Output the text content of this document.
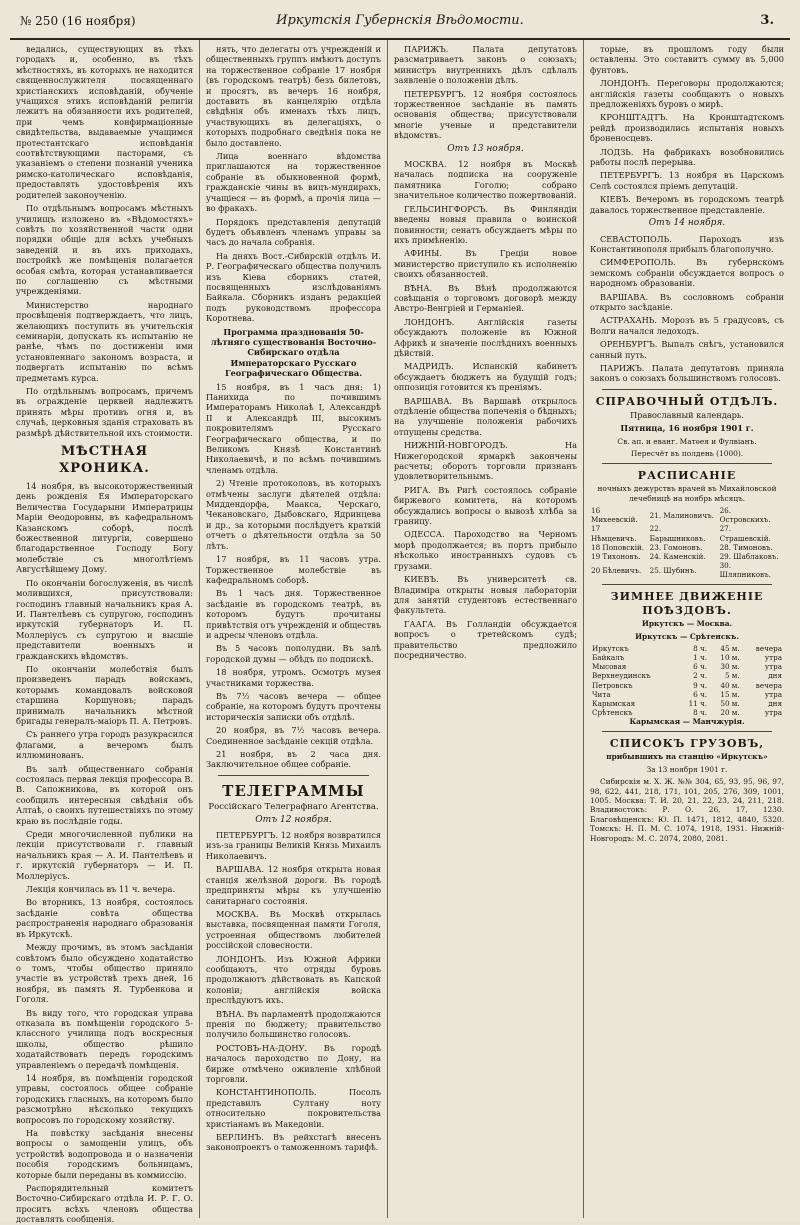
№ 250 (16 ноября)	Иркутскія Губернскія Вѣдомости.	3.

ведались, существующих въ тѣхъ городахъ и, особенно, въ тѣхъ мѣстностяхъ, въ которыхъ не находится священнослужителя посвященнаго христіанскихъ исповѣданій, обученіе учащихся этихъ исповѣданій религіи лежитъ на обязанности ихъ родителей, при чемъ конфирмаціонные свидѣтельства, выдаваемые учащимся протестантскаго исповѣданія соотвѣтствующими пасторами, съ указаніемъ о степени познаній ученика римско-католическаго исповѣданія, предоставлять удостовѣренія ихъ родителей законоученію.

По отдѣльнымъ вопросамъ мѣстныхъ училищъ изложено въ «Вѣдомостяхъ» совѣтъ по хозяйственной части одни порядки общіе для всѣхъ учебныхъ заведеній и въ ихъ приходахъ, постройкѣ же помѣщенія полагается особая смѣта, которая устанавливается по соглашенію съ мѣстными учрежденіями.

Министерство народнаго просвѣщенія подтверждаетъ, что лицъ, желающихъ поступить въ учительскія семинаріи, допускать къ испытанію не ранѣе, чѣмъ по достиженіи ими установленнаго закономъ возраста, и подвергать испытанію по всѣмъ предметамъ курса.

По отдѣльнымъ вопросамъ, причемъ въ огражденіе церквей надлежитъ принять мѣры противъ огня и, въ случаѣ, церковныя зданія страховать въ размѣрѣ дѣйствительной ихъ стоимости.

МѢСТНАЯ ХРОНИКА.

14 ноября, въ высокоторжественный день рожденія Ея Императорскаго Величества Государыни Императрицы Маріи Ѳеодоровны, въ кафедральномъ Казанскомъ соборѣ, послѣ божественной литургіи, совершено благодарственное Господу Богу молебствіе съ многолѣтіемъ Августѣйшему Дому.

По окончаніи богослуженія, въ числѣ молившихся, присутствовали: господинъ главный начальникъ края А. И. Пантелѣевъ съ супругою, господинъ иркутскій губернаторъ И. П. Моллерiусъ съ супругою и высшіе представители военныхъ и гражданскихъ вѣдомствъ.

По окончаніи молебствія былъ произведенъ парадъ войскамъ, которымъ командовалъ войсковой старшина Коршуновъ; парадъ принималъ начальникъ мѣстной бригады генералъ-маіоръ П. А. Петровъ.

Съ раннего утра городъ разукрасился флагами, а вечеромъ былъ иллюминованъ.

Въ залѣ общественнаго собранія состоялась первая лекція профессора В. В. Сапожникова, въ которой онъ сообщилъ интересныя свѣдѣнія объ Алтаѣ, о своихъ путешествіяхъ по этому краю въ послѣдніе годы.

Среди многочисленной публики на лекціи присутствовали г. главный начальникъ края — А. И. Пантелѣевъ и г. иркутскій губернаторъ — И. П. Моллерiусъ.

Лекція кончилась въ 11 ч. вечера.

Во вторникъ, 13 ноября, состоялось засѣданіе совѣта общества распространенія народнаго образованія въ Иркутскѣ.

Между прочимъ, въ этомъ засѣданіи совѣтомъ было обсуждено ходатайство о томъ, чтобы общество приняло участіе въ устройствѣ трехъ дней, 16 ноября, въ память Я. Турбенкова и Гоголя.

Въ виду того, что городская управа отказала въ помѣщеніи городского 5-классного училища подъ воскресныя школы, общество рѣшило ходатайствовать передъ городскимъ управленіемъ о передачѣ помѣщенія.

14 ноября, въ помѣщеніи городской управы, состоялось общее собраніе городскихъ гласныхъ, на которомъ было разсмотрѣно нѣсколько текущихъ вопросовъ по городскому хозяйству.

На повѣстку засѣданія внесены вопросы о замощеніи улицъ, объ устройствѣ водопровода и о назначеніи пособія городскимъ больницамъ, которые были переданы въ коммиссію.

Распорядительный комитетъ Восточно-Сибирскаго отдѣла И. Р. Г. О. проситъ всѣхъ членовъ общества доставлять сообщенія.

нять, что делегаты отъ учрежденій и общественныхъ группъ имѣютъ доступъ на торжественное собраніе 17 ноября (въ городскомъ театрѣ) безъ билетовъ, и просятъ, въ вечеръ 16 ноября, доставить въ канцелярію отдѣла свѣдѣнія объ именахъ тѣхъ лицъ, участвующихъ въ делегаціяхъ, о которыхъ подробнаго сведѣнія пока не было доставлено.

Лица военнаго вѣдомства приглашаются на торжественное собраніе въ обыкновенной формѣ, гражданскіе чины въ вицъ-мундирахъ, учащіеся — въ формѣ, а прочія лица — во фракахъ.

Порядокъ представленія депутацій будетъ объявленъ членамъ управы за часъ до начала собранія.

На дняхъ Вост.-Сибирскій отдѣлъ И. Р. Географическаго общества получилъ изъ Кіева сборникъ статей, посвященныхъ изслѣдованіямъ Байкала. Сборникъ изданъ редакціей подъ руководствомъ профессора Коротнева.

Программа празднованія 50-лѣтняго существованія Восточно-Сибирскаго отдѣла Императорскаго Русскаго Географическаго Общества.

15 ноября, въ 1 часъ дня: 1) Панихида по почившимъ Императорамъ Николаѣ I, Александрѣ II и Александрѣ III, высокимъ покровителямъ Русскаго Географическаго общества, и по Великомъ Князѣ Константинѣ Николаевичѣ, и по всѣмъ почившимъ членамъ отдѣла.

2) Чтеніе протоколовъ, въ которыхъ отмѣчены заслуги дѣятелей отдѣла: Миддендорфа, Маакса, Черскаго, Чекановскаго, Дыбовскаго, Ядринцева и др., за которыми послѣдуетъ краткій отчетъ о дѣятельности отдѣла за 50 лѣтъ.

17 ноября, въ 11 часовъ утра. Торжественное молебствіе въ кафедральномъ соборѣ.

Въ 1 часъ дня. Торжественное засѣданіе въ городскомъ театрѣ, въ которомъ будутъ прочитаны привѣтствія отъ учрежденій и обществъ и адресы членовъ отдѣла.

Въ 5 часовъ пополудни. Въ залѣ городской думы — обѣдъ по подпискѣ.

18 ноября, утромъ. Осмотръ музея участниками торжества.

Въ 7½ часовъ вечера — общее собраніе, на которомъ будутъ прочтены историческія записки объ отдѣлѣ.

20 ноября, въ 7½ часовъ вечера. Соединенное засѣданіе секцій отдѣла.

21 ноября, въ 2 часа дня. Заключительное общее собраніе.

ТЕЛЕГРАММЫ
Россійскаго Телеграфнаго Агентства.
Отъ 12 ноября.

ПЕТЕРБУРГЪ. 12 ноября возвратился изъ-за границы Великій Князь Михаилъ Николаевичъ.

ВАРШАВА. 12 ноября открыта новая станція желѣзной дороги. Въ городѣ предприняты мѣры къ улучшенію санитарнаго состоянія.

МОСКВА. Въ Москвѣ открылась выставка, посвященная памяти Гоголя, устроенная обществомъ любителей россійской словесности.

ЛОНДОНЪ. Изъ Южной Африки сообщаютъ, что отряды буровъ продолжаютъ дѣйствовать въ Капской колоніи; англійскія войска преслѣдуютъ ихъ.

ВѢНА. Въ парламентѣ продолжаются пренія по бюджету; правительство получило большинство голосовъ.

РОСТОВЪ-НА-ДОНУ. Въ городѣ началось пароходство по Дону, на бирже отмѣчено оживленіе хлѣбной торговли.

КОНСТАНТИНОПОЛЬ. Посолъ представилъ Султану ноту относительно покровительства христіанамъ въ Македоніи.

БЕРЛИНЪ. Въ рейхстагѣ внесенъ законопроектъ о таможенномъ тарифѣ.

ПАРИЖЪ. Палата депутатовъ разсматриваетъ законъ о союзахъ; министръ внутреннихъ дѣлъ сдѣлалъ заявленіе о положеніи дѣлъ.

ПЕТЕРБУРГЪ. 12 ноября состоялось торжественное засѣданіе въ память основанія общества; присутствовали многіе ученые и представители вѣдомствъ.

Отъ 13 ноября.

МОСКВА. 12 ноября въ Москвѣ началась подписка на сооруженіе памятника Гоголю; собрано значительное количество пожертвованій.

ГЕЛЬСИНГФОРСЪ. Въ Финляндіи введены новыя правила о воинской повинности; сенатъ обсуждаетъ мѣры по ихъ примѣненію.

АФИНЫ. Въ Греціи новое министерство приступило къ исполненію своихъ обязанностей.

ВѢНА. Въ Вѣнѣ продолжаются совѣщанія о торговомъ договорѣ между Австро-Венгріей и Германіей.

ЛОНДОНЪ. Англійскія газеты обсуждаютъ положеніе въ Южной Африкѣ и значеніе послѣднихъ военныхъ дѣйствій.

МАДРИДЪ. Испанскій кабинетъ обсуждаетъ бюджетъ на будущій годъ; оппозиція готовится къ преніямъ.

ВАРШАВА. Въ Варшавѣ открылось отдѣленіе общества попеченія о бѣдныхъ; на улучшеніе положенія рабочихъ отпущены средства.

НИЖНІЙ-НОВГОРОДЪ. На Нижегородской ярмаркѣ закончены расчеты; оборотъ торговли признанъ удовлетворительнымъ.

РИГА. Въ Ригѣ состоялось собраніе биржевого комитета, на которомъ обсуждались вопросы о вывозѣ хлѣба за границу.

ОДЕССА. Пароходство на Черномъ морѣ продолжается; въ портъ прибыло нѣсколько иностранныхъ судовъ съ грузами.

КИЕВЪ. Въ университетѣ св. Владиміра открыты новыя лабораторіи для занятій студентовъ естественнаго факультета.

ГААГА. Въ Голландіи обсуждается вопросъ о третейскомъ судѣ; правительство предложило посредничество.

торые, въ прошломъ году были оставлены. Это составитъ сумму въ 5,000 фунтовъ.

ЛОНДОНЪ. Переговоры продолжаются; англійскія газеты сообщаютъ о новыхъ предложеніяхъ буровъ о мирѣ.

КРОНШТАДТЪ. На Кронштадтскомъ рейдѣ производились испытанія новыхъ броненосцевъ.

ЛОДЗЬ. На фабрикахъ возобновились работы послѣ перерыва.

ПЕТЕРБУРГЪ. 13 ноября въ Царскомъ Селѣ состоялся прiемъ депутацій.

КІЕВЪ. Вечеромъ въ городскомъ театрѣ давалось торжественное представленіе.

Отъ 14 ноября.

СЕВАСТОПОЛЬ. Пароходъ изъ Константинополя прибылъ благополучно.

СИМФЕРОПОЛЬ. Въ губернскомъ земскомъ собраніи обсуждается вопросъ о народномъ образованіи.

ВАРШАВА. Въ сословномъ собраніи открыто засѣданіе.

АСТРАХАНЬ. Морозъ въ 5 градусовъ, съ Волги начался ледоходъ.

ОРЕНБУРГЪ. Выпалъ снѣгъ, установился санный путь.

ПАРИЖЪ. Палата депутатовъ приняла законъ о союзахъ большинствомъ голосовъ.

СПРАВОЧНЫЙ ОТДѢЛЪ.

Православный календарь.

Пятница, 16 ноября 1901 г.

Св. ап. и еванг. Матѳея и Фулвіанъ.

Пересчёт въ полдень (1000).

РАСПИСАНІЕ

ночныхъ дежурствъ врачей въ Михайловской лечебницѣ на ноябрь мѣсяцъ.

16 Михеевскій.	21. Малиновичъ.	26. Островскихъ.
17 Нѣмцевичъ.	22. Барышниковъ.	27. Страшевскій.
18 Поповскій.	23. Гомоновъ.	28. Тимоновъ.
19 Тихоновъ.	24. Каменскій.	29. Шаблаковъ.
20 Бѣлевичъ.	25. Шубинъ.	30. Шляпниковъ.
ЗИМНЕЕ ДВИЖЕНІЕ ПОѢЗДОВЪ.

Иркутскъ — Москва.

Иркутскъ — Срѣтенскъ.

Иркутскъ	8 ч.	45 м.	вечера
Байкалъ	1 ч.	10 м.	утра
Мысовая	6 ч.	30 м.	утра
Верхнеудинскъ	2 ч.	5 м.	дня
Петровскъ	9 ч.	40 м.	вечера
Чита	6 ч.	15 м.	утра
Карымская	11 ч.	50 м.	дня
Срѣтенскъ	8 ч.	20 м.	утра

Карымская — Манчжурія.

СПИСОКЪ ГРУЗОВЪ,

прибывшихъ на станцію «Иркутскъ»

За 13 ноября 1901 г.

Сибирскія м. Х. Ж. №№ 304, 65, 93, 95, 96, 97, 98, 622, 441, 218, 171, 101, 205, 276, 309, 1001, 1005. Москва: Т. И. 20, 21, 22, 23, 24, 211, 218. Владивостокъ: Р. О. 26, 17, 1230. Благовѣщенскъ: Ю. П. 1471, 1812, 4840, 5320. Томскъ: Н. П. М. С. 1074, 1918, 1931. Нижній-Новгородъ: М. С. 2074, 2080, 2081.
